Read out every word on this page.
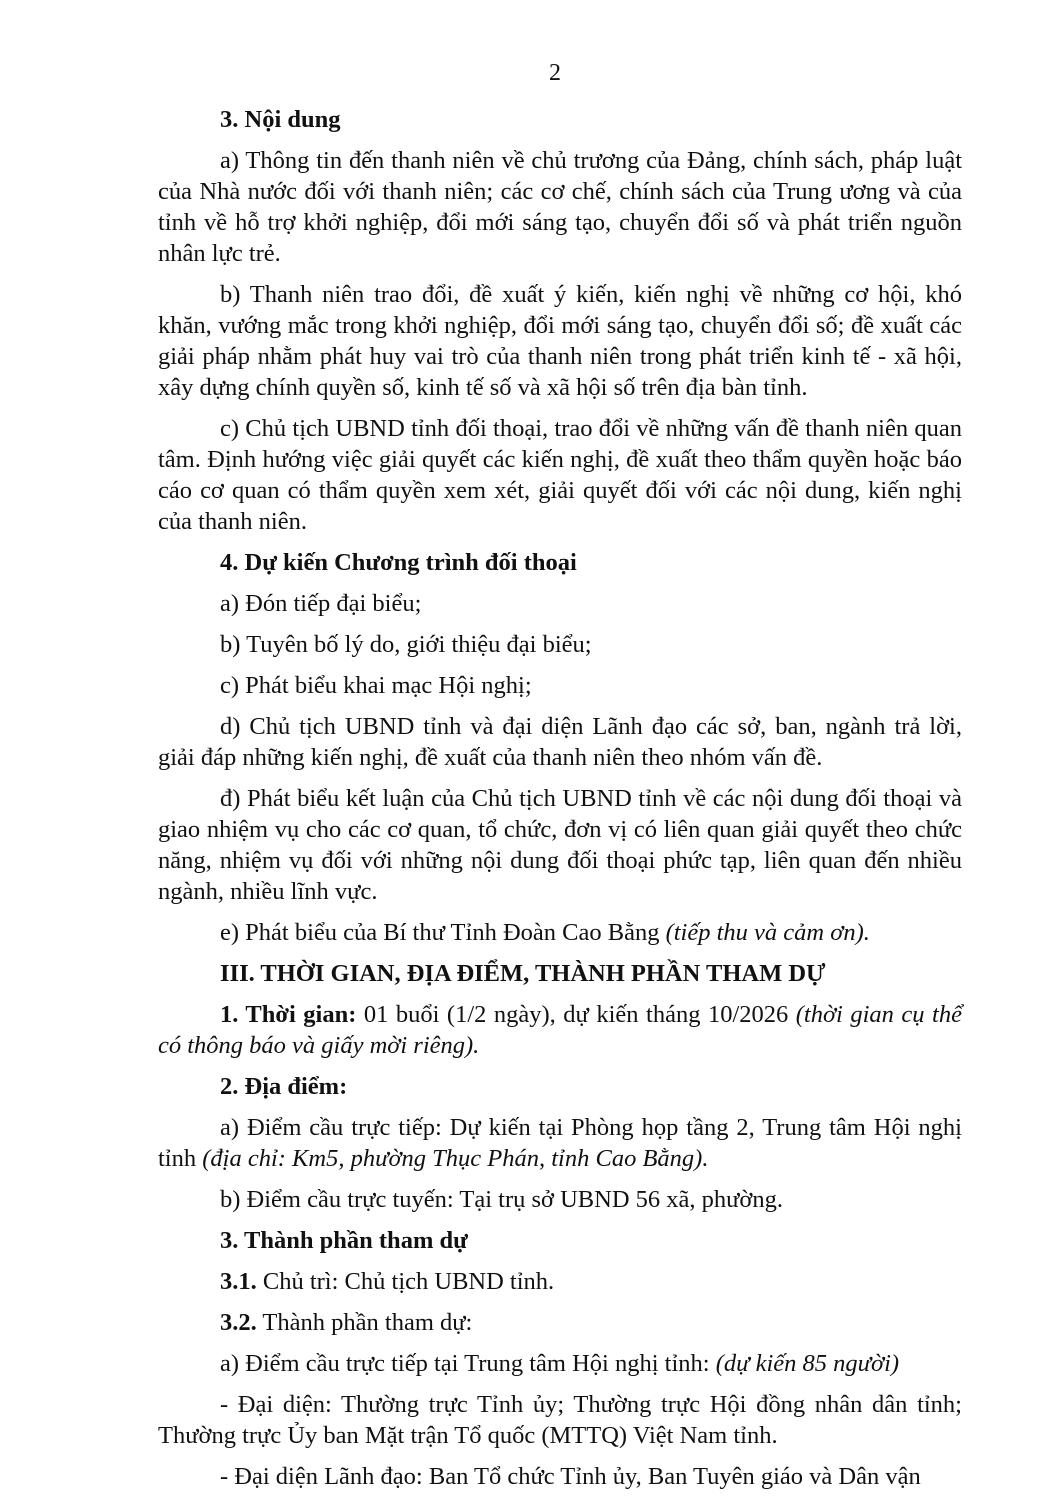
2

3. Nội dung

a) Thông tin đến thanh niên về chủ trương của Đảng, chính sách, pháp luật của Nhà nước đối với thanh niên; các cơ chế, chính sách của Trung ương và của tỉnh về hỗ trợ khởi nghiệp, đổi mới sáng tạo, chuyển đổi số và phát triển nguồn nhân lực trẻ.

b) Thanh niên trao đổi, đề xuất ý kiến, kiến nghị về những cơ hội, khó khăn, vướng mắc trong khởi nghiệp, đổi mới sáng tạo, chuyển đổi số; đề xuất các giải pháp nhằm phát huy vai trò của thanh niên trong phát triển kinh tế - xã hội, xây dựng chính quyền số, kinh tế số và xã hội số trên địa bàn tỉnh.

c) Chủ tịch UBND tỉnh đối thoại, trao đổi về những vấn đề thanh niên quan tâm. Định hướng việc giải quyết các kiến nghị, đề xuất theo thẩm quyền hoặc báo cáo cơ quan có thẩm quyền xem xét, giải quyết đối với các nội dung, kiến nghị của thanh niên.

4. Dự kiến Chương trình đối thoại

a) Đón tiếp đại biểu;

b) Tuyên bố lý do, giới thiệu đại biểu;

c) Phát biểu khai mạc Hội nghị;

d) Chủ tịch UBND tỉnh và đại diện Lãnh đạo các sở, ban, ngành trả lời, giải đáp những kiến nghị, đề xuất của thanh niên theo nhóm vấn đề.

đ) Phát biểu kết luận của Chủ tịch UBND tỉnh về các nội dung đối thoại và giao nhiệm vụ cho các cơ quan, tổ chức, đơn vị có liên quan giải quyết theo chức năng, nhiệm vụ đối với những nội dung đối thoại phức tạp, liên quan đến nhiều ngành, nhiều lĩnh vực.

e) Phát biểu của Bí thư Tỉnh Đoàn Cao Bằng (tiếp thu và cảm ơn).

III. THỜI GIAN, ĐỊA ĐIỂM, THÀNH PHẦN THAM DỰ

1. Thời gian: 01 buổi (1/2 ngày), dự kiến tháng 10/2026 (thời gian cụ thể có thông báo và giấy mời riêng).

2. Địa điểm:

a) Điểm cầu trực tiếp: Dự kiến tại Phòng họp tầng 2, Trung tâm Hội nghị tỉnh (địa chỉ: Km5, phường Thục Phán, tỉnh Cao Bằng).

b) Điểm cầu trực tuyến: Tại trụ sở UBND 56 xã, phường.

3. Thành phần tham dự

3.1. Chủ trì: Chủ tịch UBND tỉnh.

3.2. Thành phần tham dự:

a) Điểm cầu trực tiếp tại Trung tâm Hội nghị tỉnh: (dự kiến 85 người)

- Đại diện: Thường trực Tỉnh ủy; Thường trực Hội đồng nhân dân tỉnh; Thường trực Ủy ban Mặt trận Tổ quốc (MTTQ) Việt Nam tỉnh.

- Đại diện Lãnh đạo: Ban Tổ chức Tỉnh ủy, Ban Tuyên giáo và Dân vận
